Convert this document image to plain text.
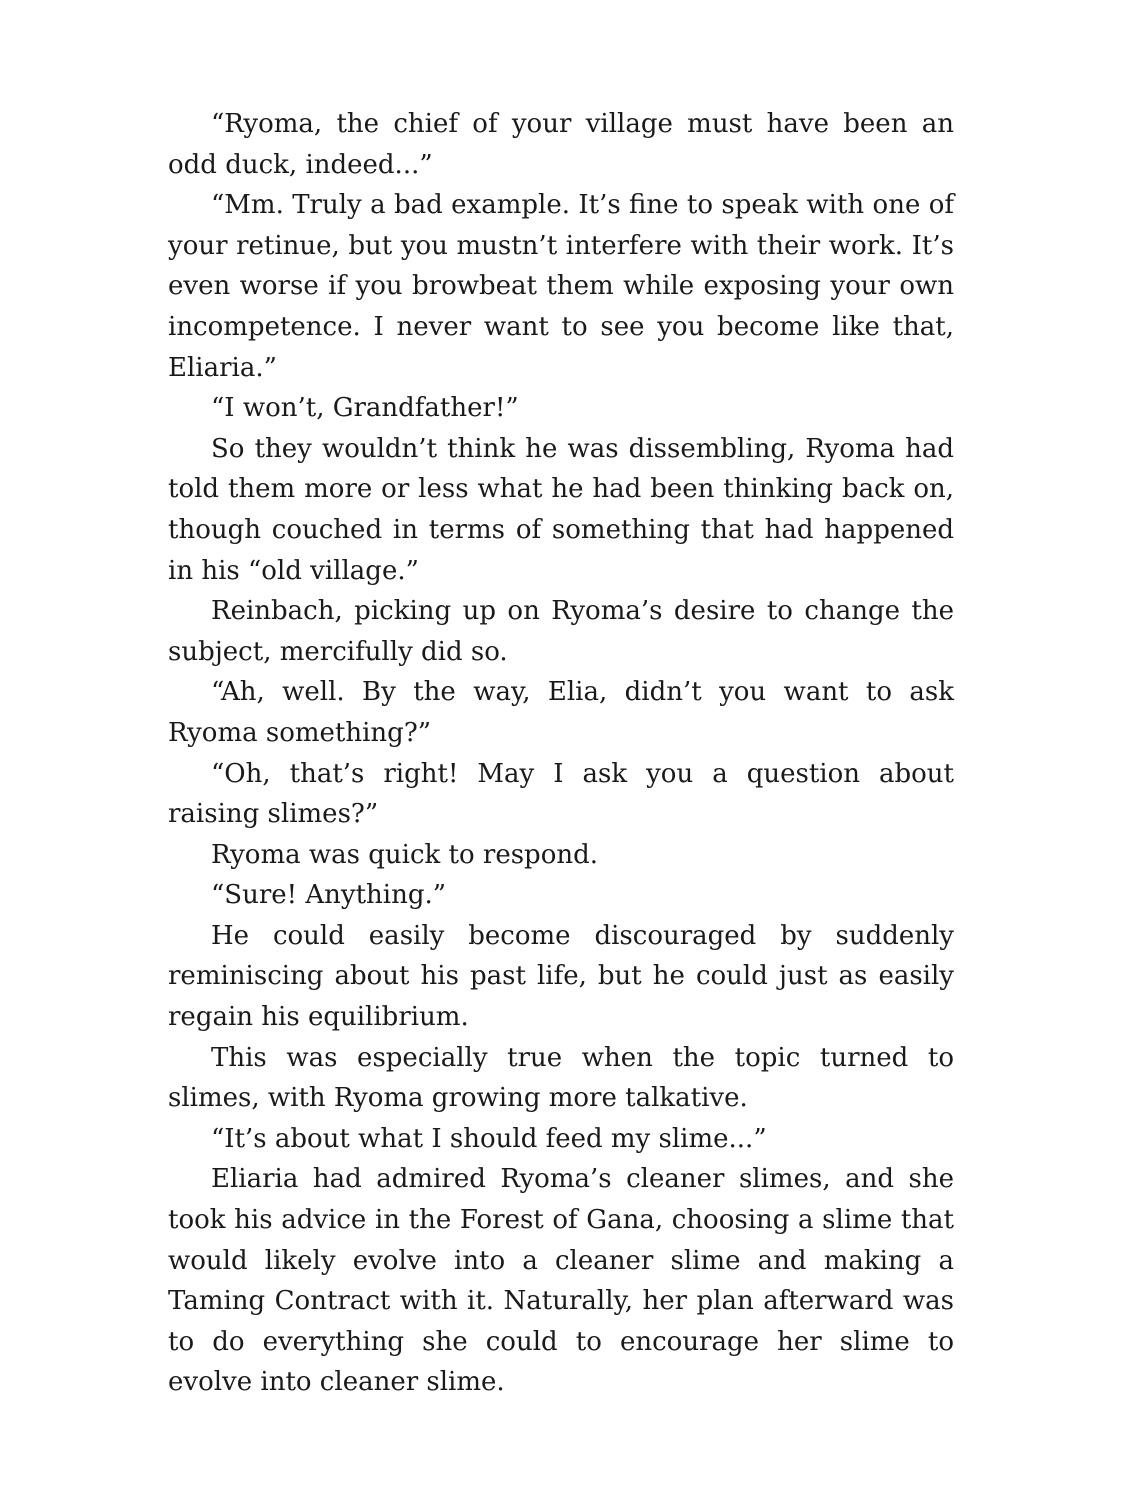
“Ryoma, the chief of your village must have been an odd duck, indeed...”

“Mm. Truly a bad example. It’s fine to speak with one of your retinue, but you mustn’t interfere with their work. It’s even worse if you browbeat them while exposing your own incompetence. I never want to see you become like that, Eliaria.”

“I won’t, Grandfather!”

So they wouldn’t think he was dissembling, Ryoma had told them more or less what he had been thinking back on, though couched in terms of something that had happened in his “old village.”

Reinbach, picking up on Ryoma’s desire to change the subject, mercifully did so.

“Ah, well. By the way, Elia, didn’t you want to ask Ryoma something?”

“Oh, that’s right! May I ask you a question about raising slimes?”

Ryoma was quick to respond.

“Sure! Anything.”

He could easily become discouraged by suddenly reminiscing about his past life, but he could just as easily regain his equilibrium.

This was especially true when the topic turned to slimes, with Ryoma growing more talkative.

“It’s about what I should feed my slime...”

Eliaria had admired Ryoma’s cleaner slimes, and she took his advice in the Forest of Gana, choosing a slime that would likely evolve into a cleaner slime and making a Taming Contract with it. Naturally, her plan afterward was to do everything she could to encourage her slime to evolve into cleaner slime.
